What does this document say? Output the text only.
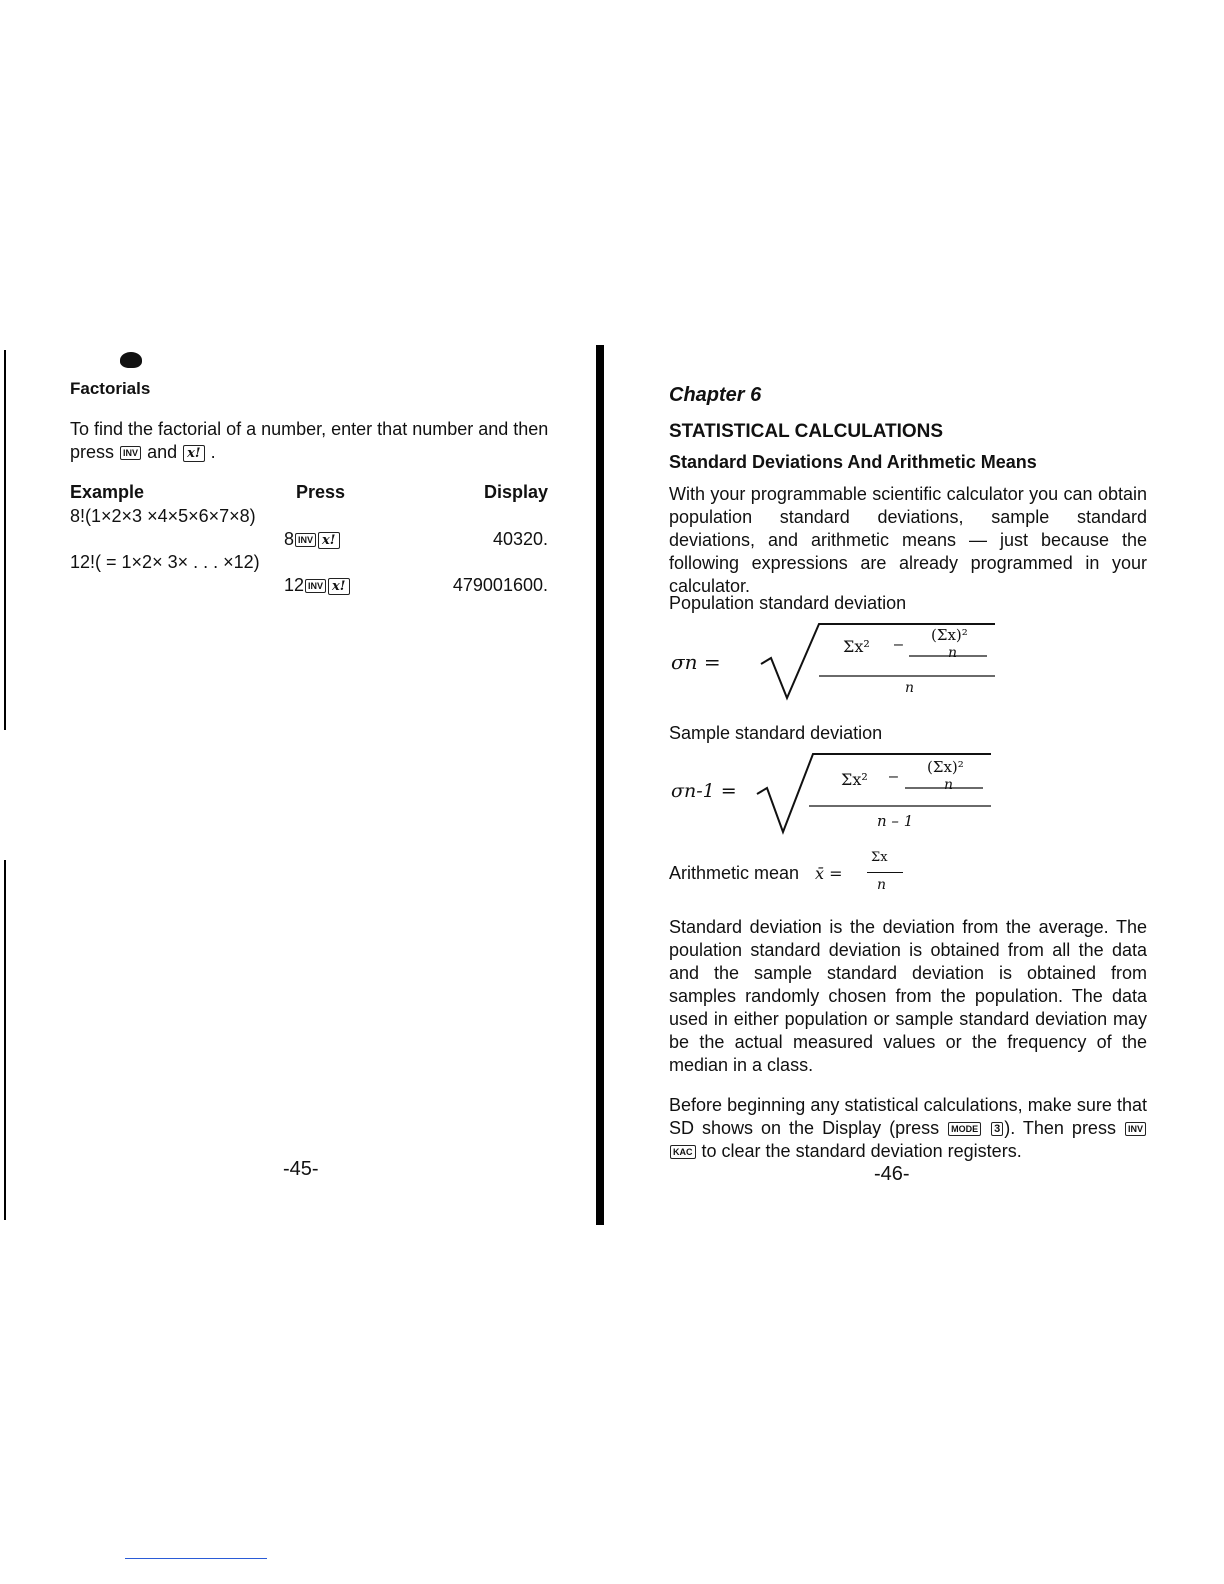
Factorials

To find the factorial of a number, enter that number and then press INV and x! .

Example	Press	Display
8!(1×2×3 ×4×5×6×7×8)
8 INV x!	40320.
12!( = 1×2× 3× . . . ×12)
12 INV x!	479001600.
-45-
Chapter 6
STATISTICAL CALCULATIONS
Standard Deviations And Arithmetic Means

With your programmable scientific calculator you can obtain population standard deviations, sample standard deviations, and arithmetic means — just because the following expressions are already programmed in your calculator.

Population standard deviation
σn =
Σx² –
(Σx)²
n
n
Sample standard deviation
σn-1 =
Σx² –
(Σx)²
n
n – 1
Arithmetic mean x̄ =
Σx
n

Standard deviation is the deviation from the average. The poulation standard deviation is obtained from all the data and the sample standard deviation is obtained from samples randomly chosen from the population. The data used in either population or sample standard deviation may be the actual measured values or the frequency of the median in a class.

Before beginning any statistical calculations, make sure that SD shows on the Display (press MODE 3 ). Then press INV KAC to clear the standard deviation registers.

-46-
